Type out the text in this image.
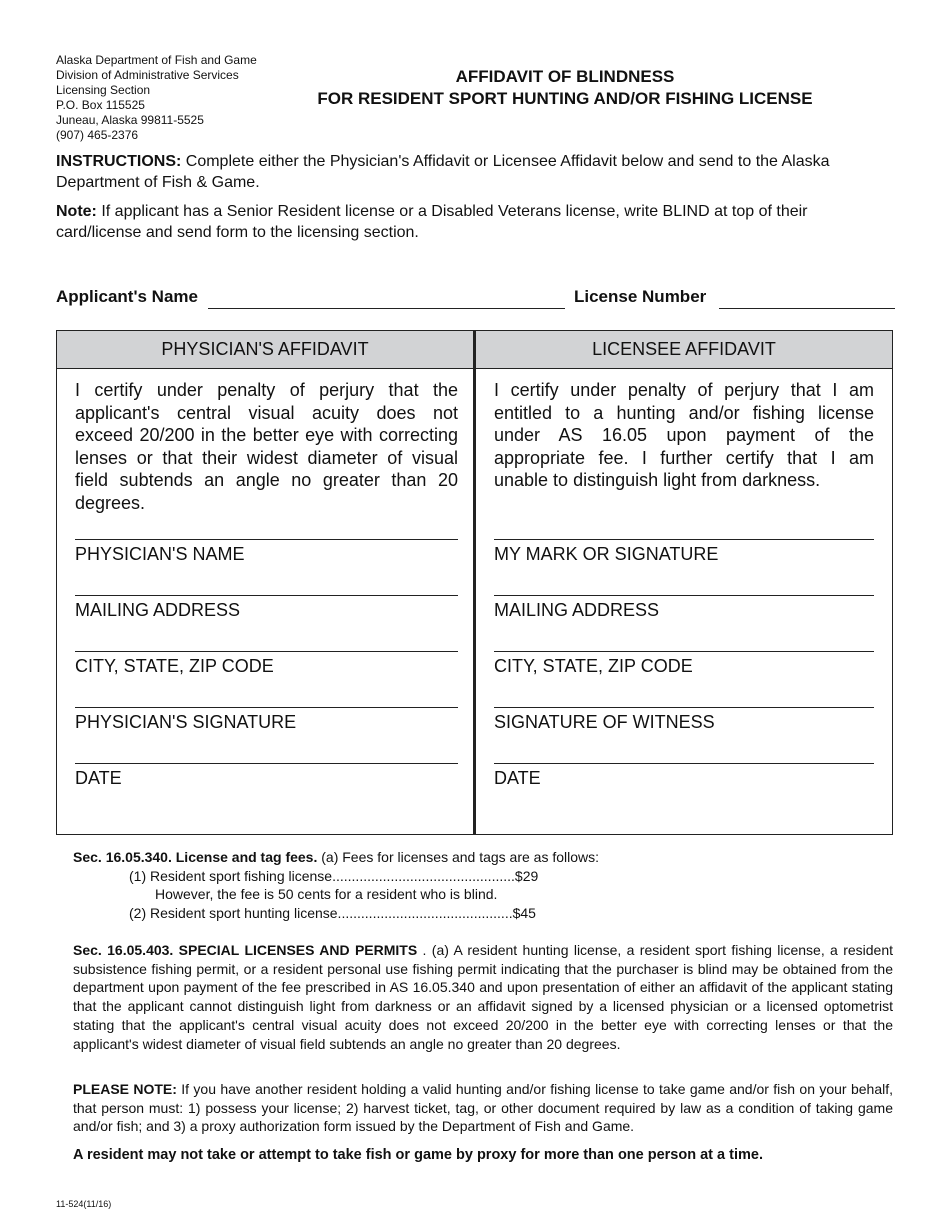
Alaska Department of Fish and Game
Division of Administrative Services
Licensing Section
P.O. Box 115525
Juneau, Alaska 99811-5525
(907) 465-2376
AFFIDAVIT OF BLINDNESS
FOR RESIDENT SPORT HUNTING AND/OR FISHING LICENSE
INSTRUCTIONS: Complete either the Physician's Affidavit or Licensee Affidavit below and send to the Alaska Department of Fish & Game.
Note: If applicant has a Senior Resident license or a Disabled Veterans license, write BLIND at top of their card/license and send form to the licensing section.
Applicant's Name	License Number
PHYSICIAN'S AFFIDAVIT	LICENSEE AFFIDAVIT
I certify under penalty of perjury that the applicant's central visual acuity does not exceed 20/200 in the better eye with correcting lenses or that their widest diameter of visual field subtends an angle no greater than 20 degrees.
I certify under penalty of perjury that I am entitled to a hunting and/or fishing license under AS 16.05 upon payment of the appropriate fee. I further certify that I am unable to distinguish light from darkness.
PHYSICIAN'S NAME
MAILING ADDRESS
CITY, STATE, ZIP CODE
PHYSICIAN'S SIGNATURE
DATE
MY MARK OR SIGNATURE
MAILING ADDRESS
CITY, STATE, ZIP CODE
SIGNATURE OF WITNESS
DATE
Sec. 16.05.340. License and tag fees. (a) Fees for licenses and tags are as follows:
(1) Resident sport fishing license...............................................$29
However, the fee is 50 cents for a resident who is blind.
(2) Resident sport hunting license.............................................$45
Sec. 16.05.403. SPECIAL LICENSES AND PERMITS . (a) A resident hunting license, a resident sport fishing license, a resident subsistence fishing permit, or a resident personal use fishing permit indicating that the purchaser is blind may be obtained from the department upon payment of the fee prescribed in AS 16.05.340 and upon presentation of either an affidavit of the applicant stating that the applicant cannot distinguish light from darkness or an affidavit signed by a licensed physician or a licensed optometrist stating that the applicant's central visual acuity does not exceed 20/200 in the better eye with correcting lenses or that the applicant's widest diameter of visual field subtends an angle no greater than 20 degrees.
PLEASE NOTE: If you have another resident holding a valid hunting and/or fishing license to take game and/or fish on your behalf, that person must: 1) possess your license; 2) harvest ticket, tag, or other document required by law as a condition of taking game and/or fish; and 3) a proxy authorization form issued by the Department of Fish and Game.
A resident may not take or attempt to take fish or game by proxy for more than one person at a time.
11-524(11/16)
